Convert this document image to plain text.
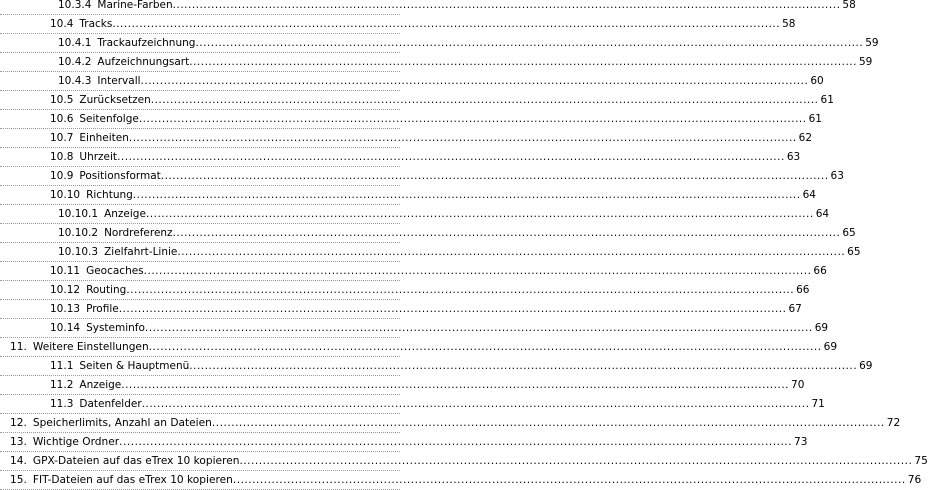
10.3.4 Marine-Farben .....	58
10.4 Tracks .....	58
10.4.1 Trackaufzeichnung .....	59
10.4.2 Aufzeichnungsart .....	59
10.4.3 Intervall .....	60
10.5 Zurücksetzen .....	61
10.6 Seitenfolge .....	61
10.7 Einheiten .....	62
10.8 Uhrzeit .....	63
10.9 Positionsformat .....	63
10.10 Richtung .....	64
10.10.1 Anzeige .....	64
10.10.2 Nordreferenz .....	65
10.10.3 Zielfahrt-Linie .....	65
10.11 Geocaches .....	66
10.12 Routing .....	66
10.13 Profile .....	67
10.14 Systeminfo .....	69
11. Weitere Einstellungen .....	69
11.1 Seiten & Hauptmenü .....	69
11.2 Anzeige .....	70
11.3 Datenfelder .....	71
12. Speicherlimits, Anzahl an Dateien .....	72
13. Wichtige Ordner .....	73
14. GPX-Dateien auf das eTrex 10 kopieren .....	75
15. FIT-Dateien auf das eTrex 10 kopieren .....	76
